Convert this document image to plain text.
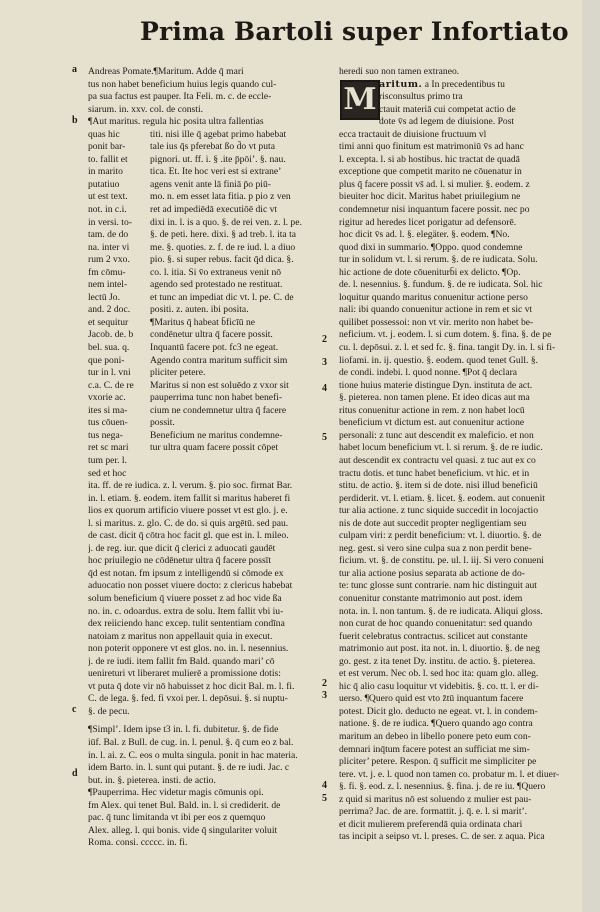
Prima Bartoli super Infortiato
a
b
c
d
2
3
4
5
2
3
4
5
Andreas Pomate.¶Maritum. Adde q̄ mari
tus non habet beneficium huius legis quando cul-
pa sua factus est pauper. Ita Feli. m. c. de eccle-
siarum. in. xxv. col. de consti.
¶Aut maritus. regula hic posita ultra fallentias
quas hic
ponit bar-
to. fallit et
in marito
putatiuo
ut est text.
not. in c.i.
in versi. to-
tam. de do
na. inter vi
rum 2 vxo.
fm cōmu-
nem intel-
lectū Jo.
and. 2 doc.
et sequitur
Jacob. de. b
bel. sua. q.
que poni-
tur in l. vni
c.a. C. de re
vxorie ac.
ites si ma-
tus cōuen-
tus nega-
ret sc mari
tum per. l.
sed et hoc
titi. nisi ille q̄ agebat primo habebat
tale ius q̄s pferebat ßo d̄o vt puta
pignori. ut. ff. i. § .ite p̄pōi’. §. nau.
tica. Et. Ite hoc veri est si extrane’
agens venit ante lā finiā p̄o piū-
mo. n. em esset lata fitia. p pio z ven
ret ad impediēdā executiōē dic vt
dixi in. l. is a quo. §. de rei ven. z. l. pe.
§. de peti. here. dixi. § ad treb. l. ita ta
me. §. quoties. z. f. de re iud. l. a diuo
pio. §. si super rebus. facit q̄d dica. §.
co. l. itia. Si v̄o extraneus venit nō
agendo sed protestado ne restituat.
et tunc an impediat dic vt. l. pe. C. de
positi. z. auten. ibi posita.
¶Maritus q̄ habeat b̄ficīū ne
condēnetur ultra q̄ facere possit.
Inquantū facere pot. fc3 ne egeat.
Agendo contra maritum sufficit sim
pliciter petere.
Maritus si non est soluēdo z vxor sit
pauperrima tunc non habet benefi-
cium ne condemnetur ultra q̄ facere
possit.
Beneficium ne maritus condemne-
tur ultra quam facere possit cōpet
ita. ff. de re iudica. z. l. verum. §. pio soc. firmat Bar.
in. l. etiam. §. eodem. item fallit si maritus haberet fi
lios ex quorum artificio viuere posset vt est glo. j. e.
l. si maritus. z. glo. C. de do. si quis argētū. sed pau.
de cast. dicit q̄ cōtra hoc facit gl. que est in. l. mileo.
j. de reg. iur. que dicit q̄ clerici z aduocati gaudēt
hoc priuilegio ne cōdēnetur ultra q̄ facere possīt
q̄d est notan. fm ipsum z intelligendū si cōmode ex
aduocatio non posset viuere docto: z clericus habebat
solum beneficium q̄ viuere posset z ad hoc vide ßa
no. in. c. odoardus. extra de solu. Item fallit vbi iu-
dex reiiciendo hanc excep. tulit sententiam condīna
natoiam z maritus non appellauit quia in execut.
non poterit opponere vt est glos. no. in. l. nesennius.
j. de re iudi. item fallit fm Bald. quando mari’ cō
uenireturi vt liberaret mulierē a promissione dotis:
vt puta q̄ dote vir nō habuisset z hoc dicit Bal. m. l. fi.
C. de lega. §. fed. fi vxoi per. l. depōsui. §. si nuptu-
§. de pecu.
¶Simpl’. Idem ipse t3 in. l. fi. dubitetur. §. de fide
iūf. Bal. z Bull. de cug. in. l. penul. §. q̄ cum eo z bal.
in. l. ai. z. C. eos o multa singula. ponit in hac materia.
idem Barto. in. l. sunt qui putant. §. de re iudi. Jac. c
but. in. §. pieterea. insti. de actio.
¶Pauperrima. Hec videtur magis cōmunis opi.
fm Alex. qui tenet Bul. Bald. in. l. si crediderit. de
pac. q̄ tunc limitanda vt ibi per eos z quemquo
Alex. alleg. l. qui bonis. vide q̄ singulariter voluit
Roma. consi. ccccc. in. fi.
M
heredi suo non tamen extraneo.
aritum. a In precedentibus tu
risconsultus primo tra
ctauit materiā cui competat actio de
dote v̄s ad legem de diuisione. Post
ecca tractauit de diuisione fructuum vl
timi anni quo finitum est matrimoniū v̄s ad hanc
l. excepta. l. si ab hostibus. hic tractat de quadā
exceptione que competit marito ne cōuenatur in
plus q̄ facere possit vs̄ ad. l. si mulier. §. eodem. z
bieuiter hoc dicit. Maritus habet priuilegium ne
condemnetur nisi inquantum facere possit. nec po
rigitur ad heredes licet porigatur ad defensorē.
hoc dicit v̄s ad. l. §. elegäter. §. eodem. ¶No.
quod dixi in summario. ¶Oppo. quod condemne
tur in solidum vt. l. si rerum. §. de re iudicata. Solu.
hic actione de dote cōueniturb̄i ex delicto. ¶Op.
de. l. nesennius. §. fundum. §. de re iudicata. Sol. hic
loquitur quando maritus conuenitur actione perso
nali: ibi quando conuenitur actione in rem et sic vt
quilibet possessoi: non vt vir. merito non habet be-
neficium. vt. j. eodem. l. si cum dotem. §. fina. §. de pe
cu. l. depōsui. z. l. et sed fc. §. fina. tangit Dy. in. l. si fi-
liofami. in. ij. questio. §. eodem. quod tenet Gull. §.
de condi. indebi. l. quod nonne. ¶Pot q̄ declara
tione huius materie distingue Dyn. instituta de act.
§. pieterea. non tamen plene. Et ideo dicas aut ma
ritus conuenitur actione in rem. z non habet locū
beneficium vt dictum est. aut conuenitur actione
personali: z tunc aut descendit ex maleficio. et non
habet locum beneficium vt. l. si rerum. §. de re iudic.
aut descendit ex contractu vel quasi. z tuc aut ex co
tractu dotis. et tunc habet beneficium. vt hic. et in
stitu. de actio. §. item si de dote. nisi illud beneficiū
perdiderit. vt. l. etiam. §. licet. §. eodem. aut conuenit
tur alia actione. z tunc siquide succedit in locojactio
nis de dote aut succedit propter negligentiam seu
culpam viri: z perdit beneficium: vt. l. diuortio. §. de
neg. gest. si vero sine culpa sua z non perdit bene-
ficium. vt. §. de constitu. pe. ul. l. iij. Si vero conueni
tur alia actione posius separata ab actione de do-
te: tunc glosse sunt contrarie. nam hic distinguit aut
conuenitur constante matrimonio aut post. idem
nota. in. l. non tantum. §. de re iudicata. Aliqui gloss.
non curat de hoc quando conuenitatur: sed quando
fuerit celebratus contractus. scilicet aut constante
matrimonio aut post. ita not. in. l. diuortio. §. de neg
go. gest. z ita tenet Dy. institu. de actio. §. pieterea.
et est verum. Nec ob. l. sed hoc ita: quam glo. alleg.
hic q̄ alio casu loquitur vt videbitis. §. co. tt. l. er di-
uerso. ¶Quero quid est vto z̄tū inquantum facere
potest. Dicit glo. deducto ne egeat. vt. l. in condem-
natione. §. de re iudica. ¶Quero quando ago contra
maritum an debeo in libello ponere peto eum con-
demnari inq̄tum facere potest an sufficiat me sim-
pliciter’ petere. Respon. q̄ sufficit me simpliciter pe
tere. vt. j. e. l. quod non tamen co. probatur m. l. et diuer-
§. fi. §. eod. z. l. nesennius. §. fina. j. de re iu. ¶Quero
z quid si maritus nō est soluendo z mulier est pau-
perrima? Jac. de are. formattit. j. q̄. e. l. si marit’.
et dicit mulierem preferendā quia ordinata chari
tas incipit a seipso vt. l. preses. C. de ser. z aqua. Pica
